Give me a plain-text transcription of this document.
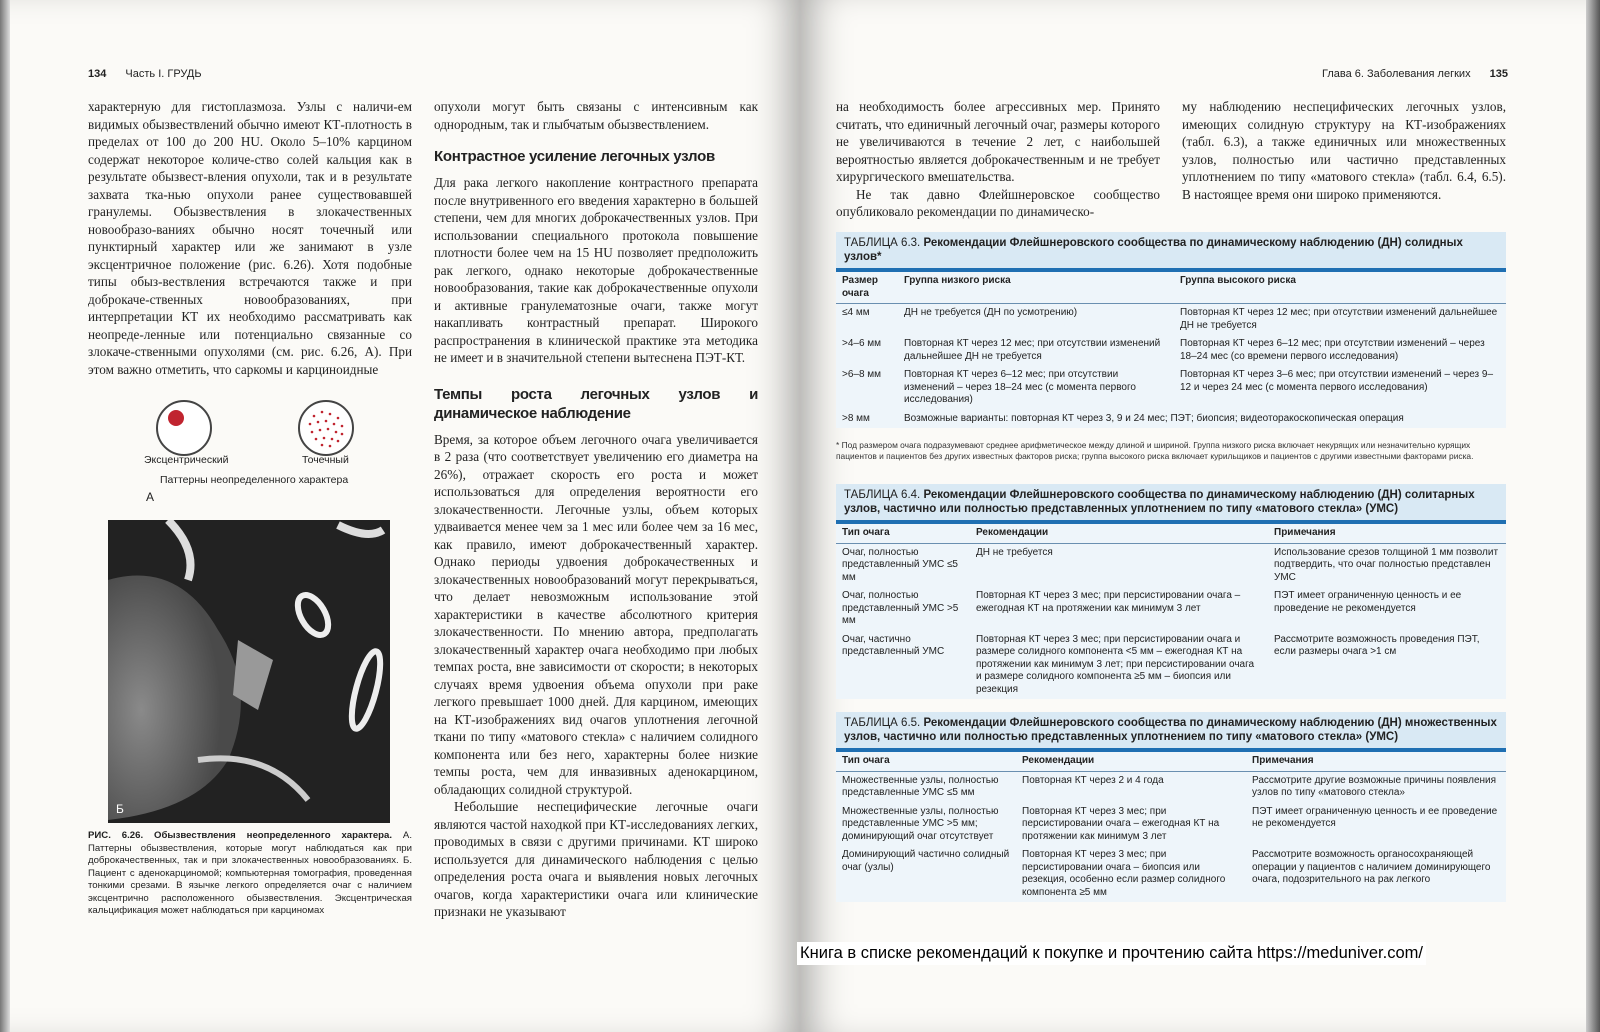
134 Часть I. ГРУДЬ

характерную для гистоплазмоза. Узлы с наличи-ем видимых обызвествлений обычно имеют КТ-плотность в пределах от 100 до 200 HU. Около 5–10% карцином содержат некоторое количе-ство солей кальция как в результате обызвест-вления опухоли, так и в результате захвата тка-нью опухоли ранее существовавшей гранулемы. Обызвествления в злокачественных новообразо-ваниях обычно носят точечный или пунктирный характер или же занимают в узле эксцентричное положение (рис. 6.26). Хотя подобные типы обыз-вествления встречаются также и при доброкаче-ственных новообразованиях, при интерпретации КТ их необходимо рассматривать как неопреде-ленные или потенциально связанные со злокаче-ственными опухолями (см. рис. 6.26, А). При этом важно отметить, что саркомы и карциноидные

Эксцентрический	Точечный
Паттерны неопределенного характера
А
Б
РИС. 6.26. Обызвествления неопределенного характера. А. Паттерны обызвествления, которые могут наблюдаться как при доброкачественных, так и при злокачественных новообразованиях. Б. Пациент с аденокарциномой; компьютерная томография, проведенная тонкими срезами. В язычке легкого определяется очаг с наличием эксцентрично расположенного обызвествления. Эксцентрическая кальцификация может наблюдаться при карциномах

опухоли могут быть связаны с интенсивным как однородным, так и глыбчатым обызвествлением.

Контрастное усиление легочных узлов

Для рака легкого накопление контрастного препарата после внутривенного его введения характерно в большей степени, чем для многих доброкачественных узлов. При использовании специального протокола повышение плотности более чем на 15 HU позволяет предположить рак легкого, однако некоторые доброкачественные новообразования, такие как доброкачественные опухоли и активные гранулематозные очаги, также могут накапливать контрастный препарат. Широкого распространения в клинической практике эта методика не имеет и в значительной степени вытеснена ПЭТ-КТ.

Темпы роста легочных узлов и динамическое наблюдение

Время, за которое объем легочного очага увеличивается в 2 раза (что соответствует увеличению его диаметра на 26%), отражает скорость его роста и может использоваться для определения вероятности его злокачественности. Легочные узлы, объем которых удваивается менее чем за 1 мес или более чем за 16 мес, как правило, имеют доброкачественный характер. Однако периоды удвоения доброкачественных и злокачественных новообразований могут перекрываться, что делает невозможным использование этой характеристики в качестве абсолютного критерия злокачественности. По мнению автора, предполагать злокачественный характер очага необходимо при любых темпах роста, вне зависимости от скорости; в некоторых случаях время удвоения объема опухоли при раке легкого превышает 1000 дней. Для карцином, имеющих на КТ-изображениях вид очагов уплотнения легочной ткани по типу «матового стекла» с наличием солидного компонента или без него, характерны более низкие темпы роста, чем для инвазивных аденокарцином, обладающих солидной структурой.

Небольшие неспецифические легочные очаги являются частой находкой при КТ-исследованиях легких, проводимых в связи с другими причинами. КТ широко используется для динамического наблюдения с целью определения роста очага и выявления новых легочных очагов, когда характеристики очага или клинические признаки не указывают

Глава 6. Заболевания легких 135

на необходимость более агрессивных мер. Принято считать, что единичный легочный очаг, размеры которого не увеличиваются в течение 2 лет, с наибольшей вероятностью является доброкачественным и не требует хирургического вмешательства.

Не так давно Флейшнеровское сообщество опубликовало рекомендации по динамическо-

му наблюдению неспецифических легочных узлов, имеющих солидную структуру на КТ-изображениях (табл. 6.3), а также единичных или множественных узлов, полностью или частично представленных уплотнением по типу «матового стекла» (табл. 6.4, 6.5). В настоящее время они широко применяются.

ТАБЛИЦА 6.3. Рекомендации Флейшнеровского сообщества по динамическому наблюдению (ДН) солидных узлов*
Размер очага	Группа низкого риска	Группа высокого риска
≤4 мм	ДН не требуется (ДН по усмотрению)	Повторная КТ через 12 мес; при отсутствии изменений дальнейшее ДН не требуется
>4–6 мм	Повторная КТ через 12 мес; при отсутствии изменений дальнейшее ДН не требуется	Повторная КТ через 6–12 мес; при отсутствии изменений – через 18–24 мес (со времени первого исследования)
>6–8 мм	Повторная КТ через 6–12 мес; при отсутствии изменений – через 18–24 мес (с момента первого исследования)	Повторная КТ через 3–6 мес; при отсутствии изменений – через 9–12 и через 24 мес (с момента первого исследования)
>8 мм	Возможные варианты: повторная КТ через 3, 9 и 24 мес; ПЭТ; биопсия; видеоторакоскопическая операция	
* Под размером очага подразумевают среднее арифметическое между длиной и шириной. Группа низкого риска включает некурящих или незначительно курящих пациентов и пациентов без других известных факторов риска; группа высокого риска включает курильщиков и пациентов с другими известными факторами риска.
ТАБЛИЦА 6.4. Рекомендации Флейшнеровского сообщества по динамическому наблюдению (ДН) солитарных узлов, частично или полностью представленных уплотнением по типу «матового стекла» (УМС)
Тип очага	Рекомендации	Примечания
Очаг, полностью представленный УМС ≤5 мм	ДН не требуется	Использование срезов толщиной 1 мм позволит подтвердить, что очаг полностью представлен УМС
Очаг, полностью представленный УМС >5 мм	Повторная КТ через 3 мес; при персистировании очага – ежегодная КТ на протяжении как минимум 3 лет	ПЭТ имеет ограниченную ценность и ее проведение не рекомендуется
Очаг, частично представленный УМС	Повторная КТ через 3 мес; при персистировании очага и размере солидного компонента <5 мм – ежегодная КТ на протяжении как минимум 3 лет; при персистировании очага и размере солидного компонента ≥5 мм – биопсия или резекция	Рассмотрите возможность проведения ПЭТ, если размеры очага >1 см
ТАБЛИЦА 6.5. Рекомендации Флейшнеровского сообщества по динамическому наблюдению (ДН) множественных узлов, частично или полностью представленных уплотнением по типу «матового стекла» (УМС)
Тип очага	Рекомендации	Примечания
Множественные узлы, полностью представленные УМС ≤5 мм	Повторная КТ через 2 и 4 года	Рассмотрите другие возможные причины появления узлов по типу «матового стекла»
Множественные узлы, полностью представленные УМС >5 мм; доминирующий очаг отсутствует	Повторная КТ через 3 мес; при персистировании очага – ежегодная КТ на протяжении как минимум 3 лет	ПЭТ имеет ограниченную ценность и ее проведение не рекомендуется
Доминирующий частично солидный очаг (узлы)	Повторная КТ через 3 мес; при персистировании очага – биопсия или резекция, особенно если размер солидного компонента ≥5 мм	Рассмотрите возможность органосохраняющей операции у пациентов с наличием доминирующего очага, подозрительного на рак легкого
Книга в списке рекомендаций к покупке и прочтению сайта https://meduniver.com/
